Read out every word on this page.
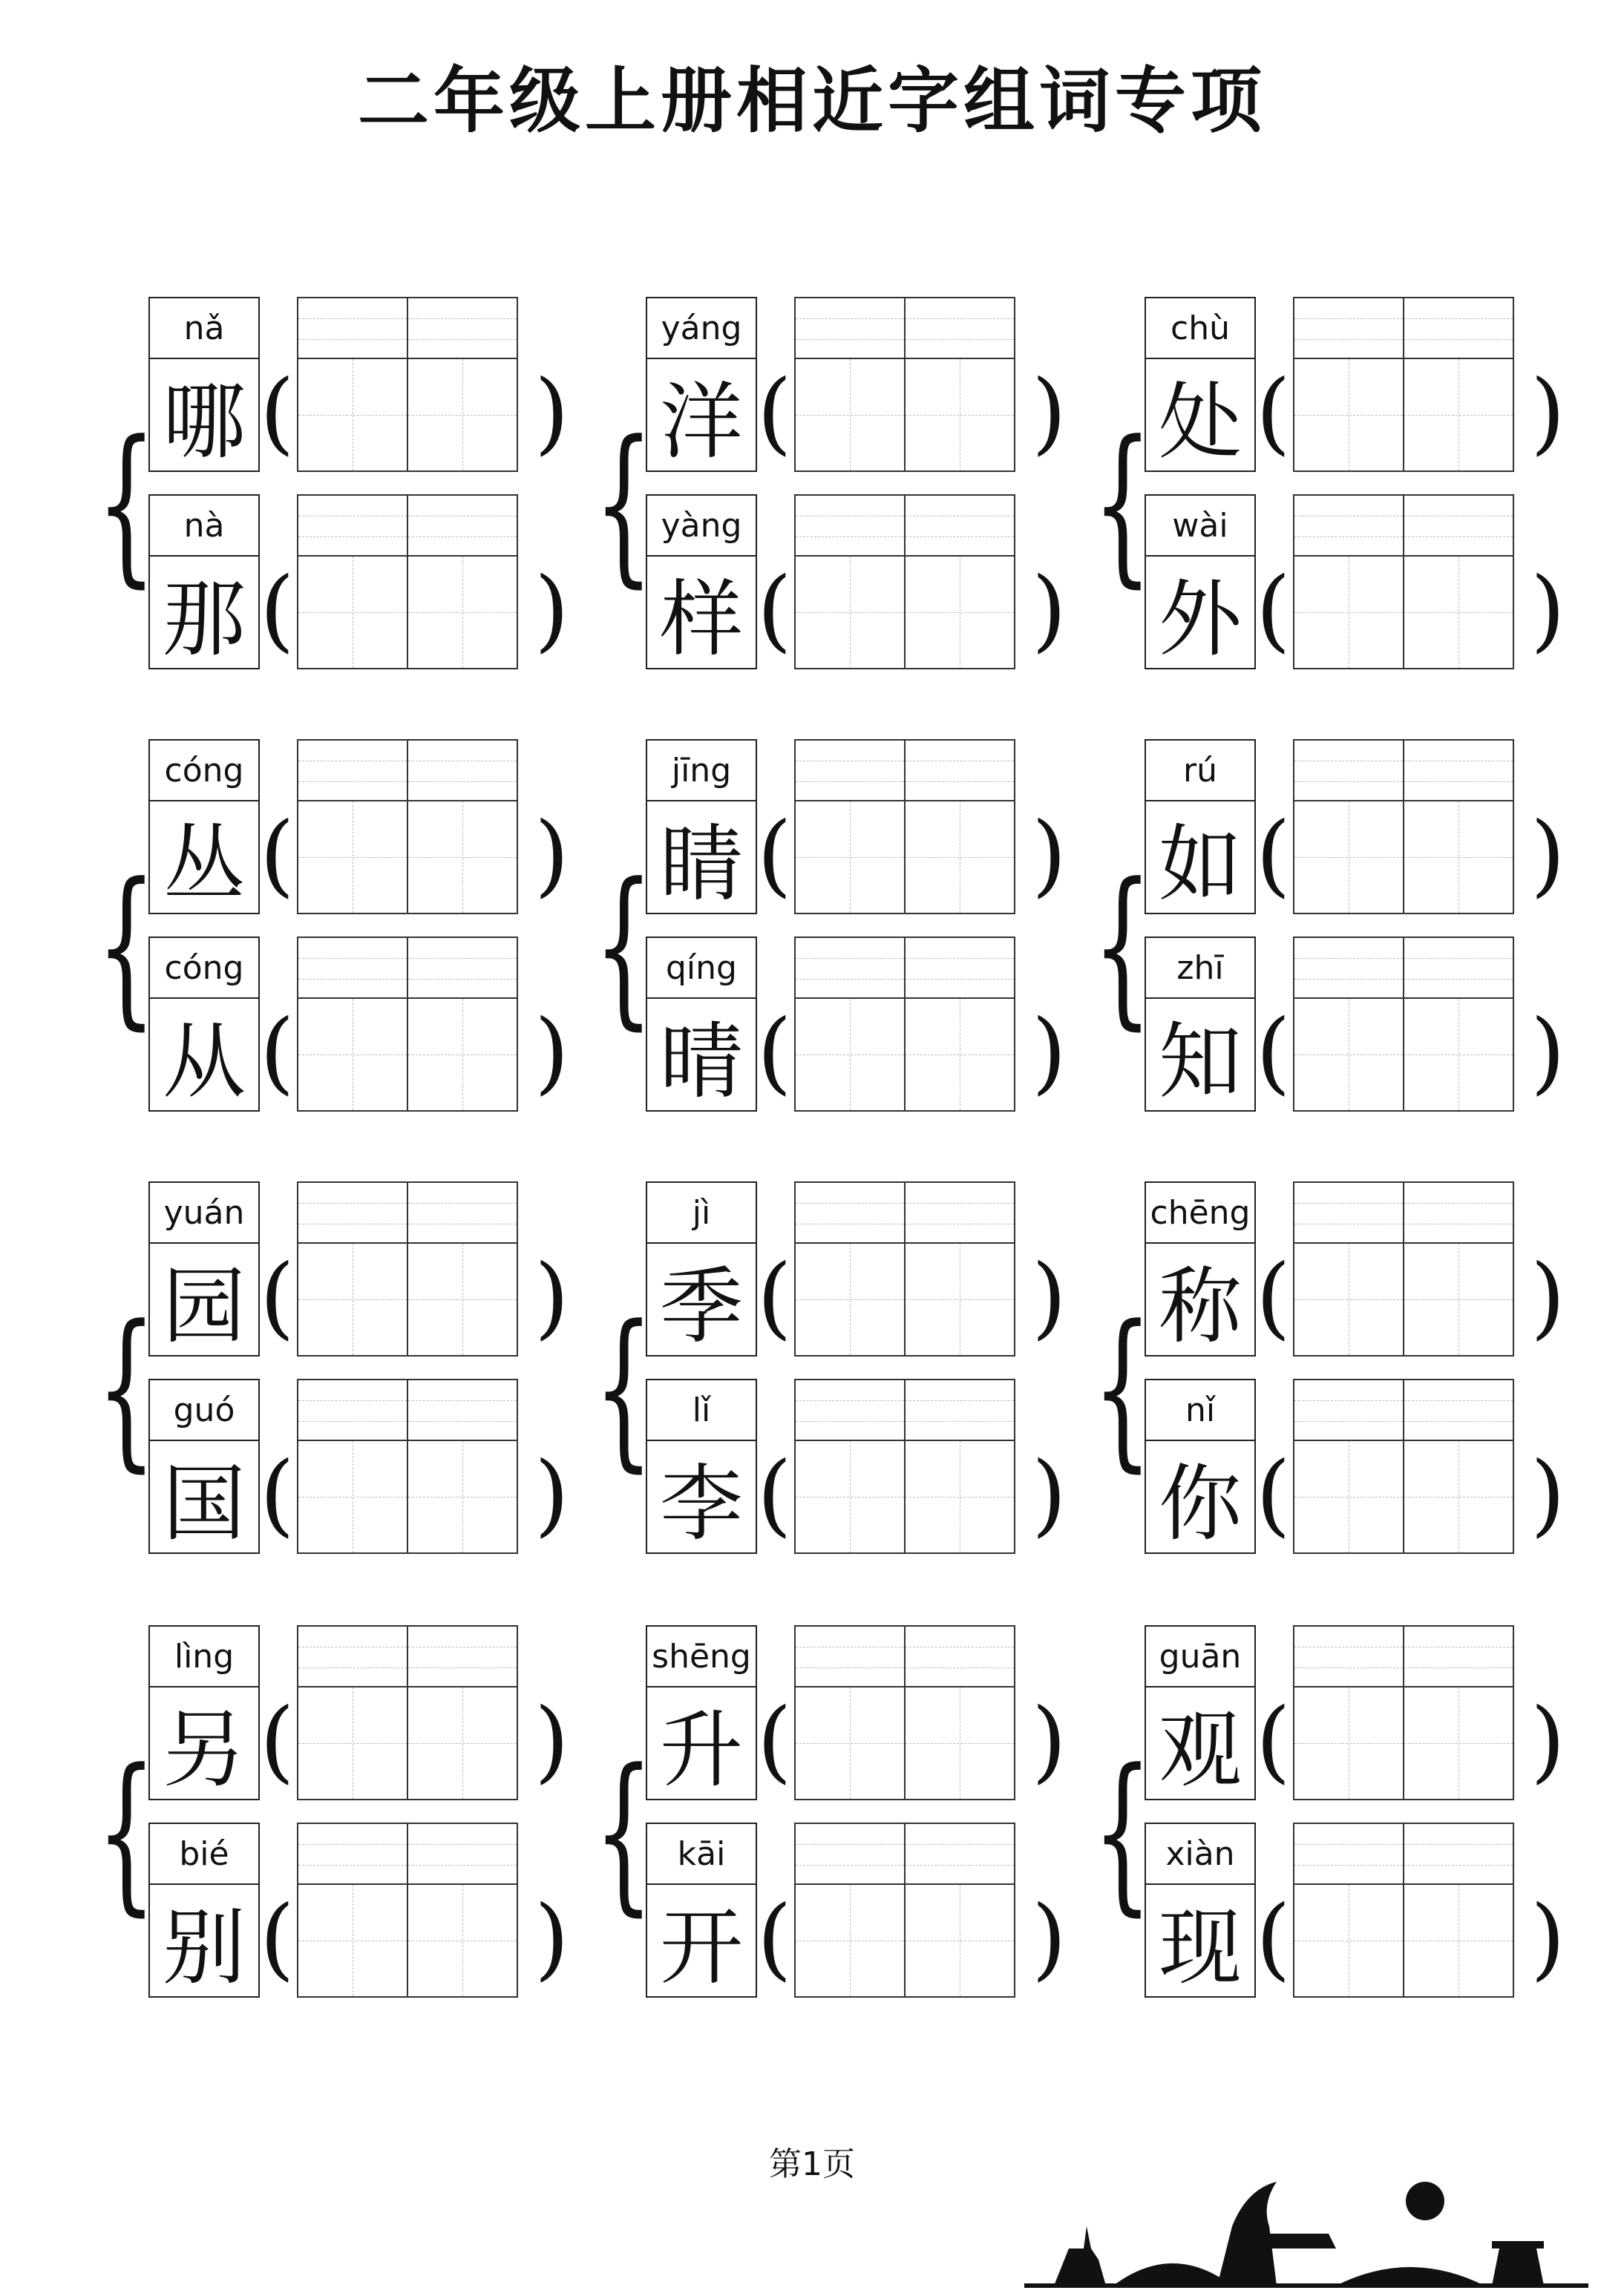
二年级上册相近字组词专项
{
nǎ
哪 (	)
nà
那 (	)
{
yáng
洋 (	)
yàng
样 (	)
{
chù
处 (	)
wài
外 (	)
{
cóng
丛 (	)
cóng
从 (	)
{
jīng
睛 (	)
qíng
晴 (	)
{
rú
如 (	)
zhī
知 (	)
{
yuán
园 (	)
guó
国 (	)
{
jì
季 (	)
lǐ
李 (	)
{
chēng
称 (	)
nǐ
你 (	)
{
lìng
另 (	)
bié
别 (	)
{
shēng
升 (	)
kāi
开 (	)
{
guān
观 (	)
xiàn
现 (	)
第1页
